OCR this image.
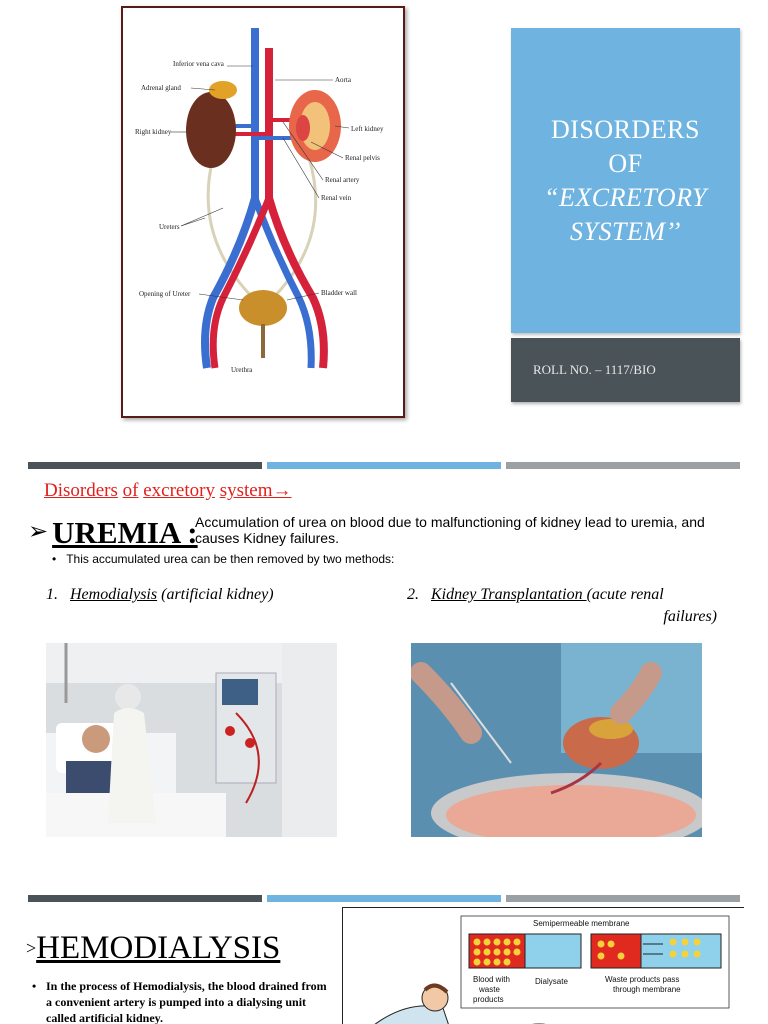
Inferior vena cava
Aorta
Adrenal gland
Right kidney	Left kidney
Renal pelvis
Renal artery
Renal vein
Ureters
Opening of Ureter	Bladder wall
Urethra
DISORDERS
OF
“EXCRETORY
SYSTEM’’
ROLL NO. – 1117/BIO
Disorders of excretory system→
➢ UREMIA :
Accumulation of urea on blood due to malfunctioning of kidney lead to uremia, and causes Kidney failures.
• This accumulated urea can be then removed by two methods:
1. Hemodialysis (artificial kidney)	2. Kidney Transplantation (acute renal
failures)
>HEMODIALYSIS
• In the process of Hemodialysis, the blood drained from a convenient artery is pumped into a dialysing unit called artificial kidney.
Semipermeable membrane
Blood with
waste
products
Dialysate	Waste products pass
through membrane
